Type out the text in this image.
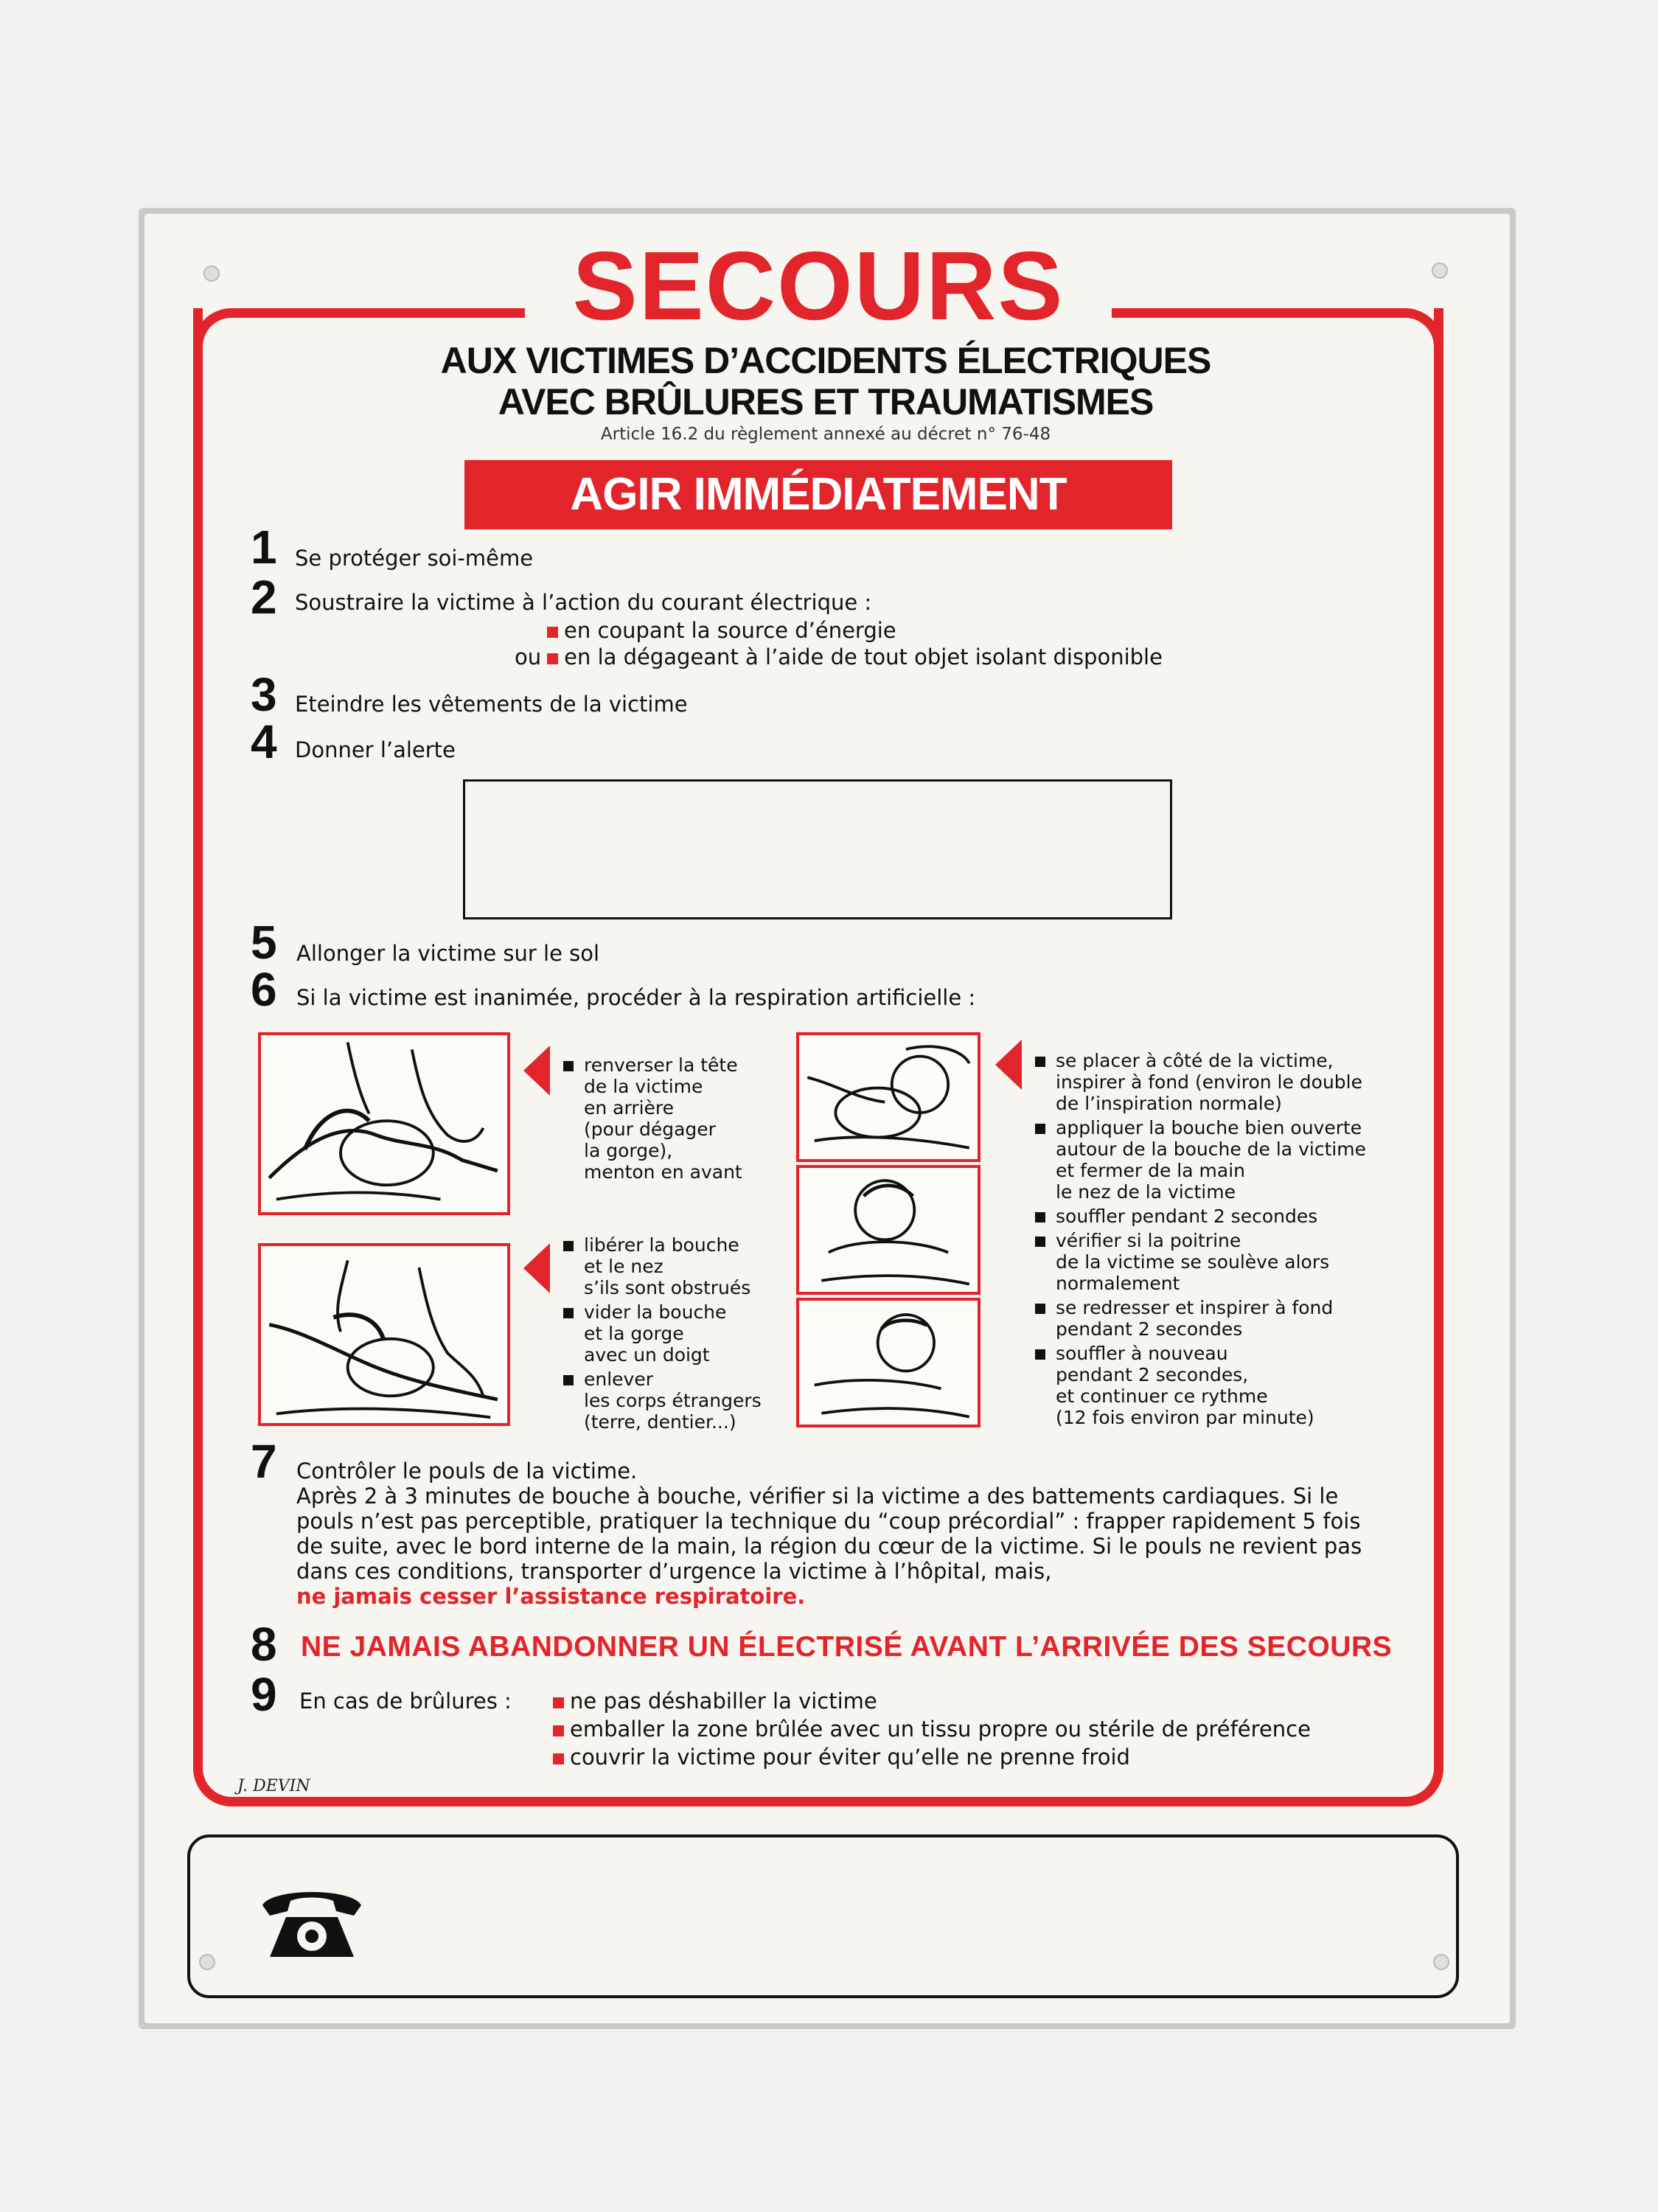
SECOURS
AUX VICTIMES D’ACCIDENTS ÉLECTRIQUES
AVEC BRÛLURES ET TRAUMATISMES
Article 16.2 du règlement annexé au décret n° 76-48
AGIR IMMÉDIATEMENT
1 Se protéger soi-même
2 Soustraire la victime à l’action du courant électrique :
en coupant la source d’énergie
ou en la dégageant à l’aide de tout objet isolant disponible
3 Eteindre les vêtements de la victime
4 Donner l’alerte
5 Allonger la victime sur le sol
6 Si la victime est inanimée, procéder à la respiration artificielle :
renverser la tête
de la victime
en arrière
(pour dégager
la gorge),
menton en avant
libérer la bouche
et le nez
s’ils sont obstrués
vider la bouche
et la gorge
avec un doigt
enlever
les corps étrangers
(terre, dentier...)
se placer à côté de la victime,
inspirer à fond (environ le double
de l’inspiration normale)
appliquer la bouche bien ouverte
autour de la bouche de la victime
et fermer de la main
le nez de la victime
souffler pendant 2 secondes
vérifier si la poitrine
de la victime se soulève alors
normalement
se redresser et inspirer à fond
pendant 2 secondes
souffler à nouveau
pendant 2 secondes,
et continuer ce rythme
(12 fois environ par minute)
7 Contrôler le pouls de la victime.
Après 2 à 3 minutes de bouche à bouche, vérifier si la victime a des battements cardiaques. Si le pouls n’est pas perceptible, pratiquer la technique du “coup précordial” : frapper rapidement 5 fois de suite, avec le bord interne de la main, la région du cœur de la victime. Si le pouls ne revient pas dans ces conditions, transporter d’urgence la victime à l’hôpital, mais,
ne jamais cesser l’assistance respiratoire.
8 NE JAMAIS ABANDONNER UN ÉLECTRISÉ AVANT L’ARRIVÉE DES SECOURS
9 En cas de brûlures :	ne pas déshabiller la victime
emballer la zone brûlée avec un tissu propre ou stérile de préférence
couvrir la victime pour éviter qu’elle ne prenne froid
J. DEVIN
